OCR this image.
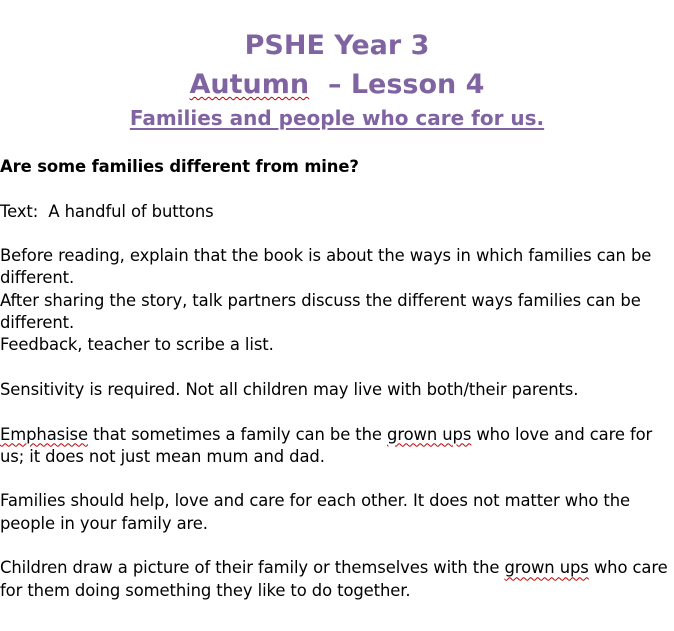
PSHE Year 3
Autumn  – Lesson 4
Families and people who care for us.

Are some families different from mine?

Text:  A handful of buttons

Before reading, explain that the book is about the ways in which families can be different.

After sharing the story, talk partners discuss the different ways families can be different.

Feedback, teacher to scribe a list.

Sensitivity is required. Not all children may live with both/their parents.

Emphasise that sometimes a family can be the grown ups who love and care for us; it does not just mean mum and dad.

Families should help, love and care for each other. It does not matter who the people in your family are.

Children draw a picture of their family or themselves with the grown ups who care for them doing something they like to do together.
